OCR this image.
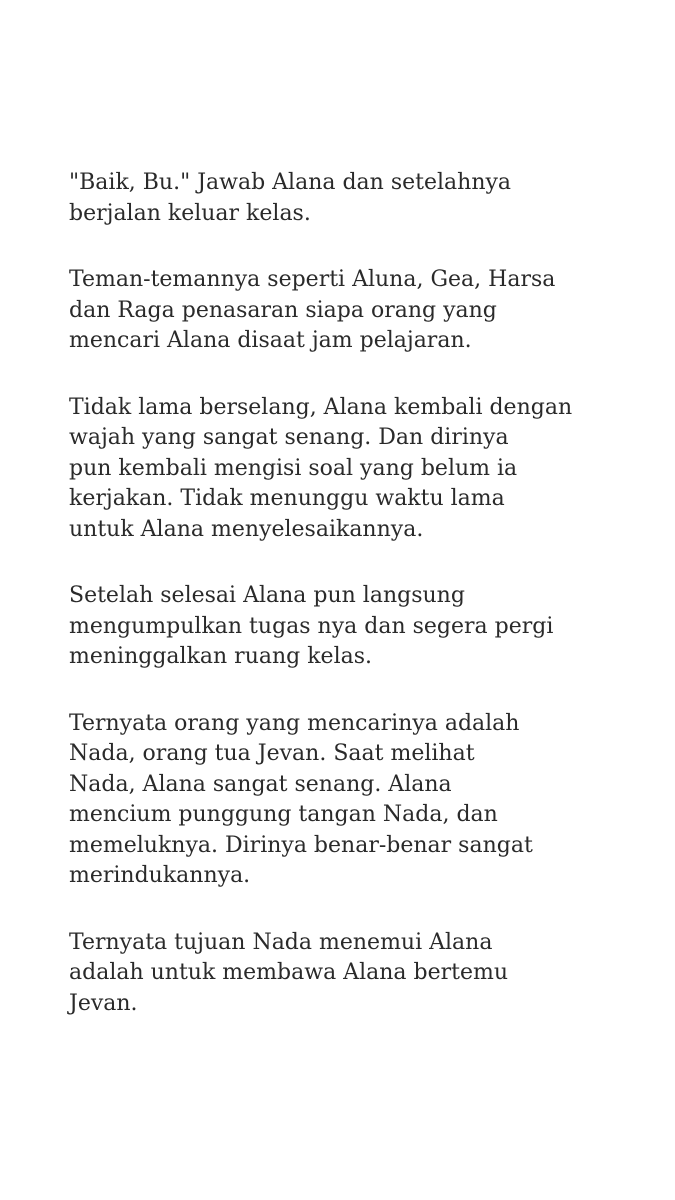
"Baik, Bu." Jawab Alana dan setelahnya
berjalan keluar kelas.

Teman-temannya seperti Aluna, Gea, Harsa
dan Raga penasaran siapa orang yang
mencari Alana disaat jam pelajaran.

Tidak lama berselang, Alana kembali dengan
wajah yang sangat senang. Dan dirinya
pun kembali mengisi soal yang belum ia
kerjakan. Tidak menunggu waktu lama
untuk Alana menyelesaikannya.

Setelah selesai Alana pun langsung
mengumpulkan tugas nya dan segera pergi
meninggalkan ruang kelas.

Ternyata orang yang mencarinya adalah
Nada, orang tua Jevan. Saat melihat
Nada, Alana sangat senang. Alana
mencium punggung tangan Nada, dan
memeluknya. Dirinya benar-benar sangat
merindukannya.

Ternyata tujuan Nada menemui Alana
adalah untuk membawa Alana bertemu
Jevan.
